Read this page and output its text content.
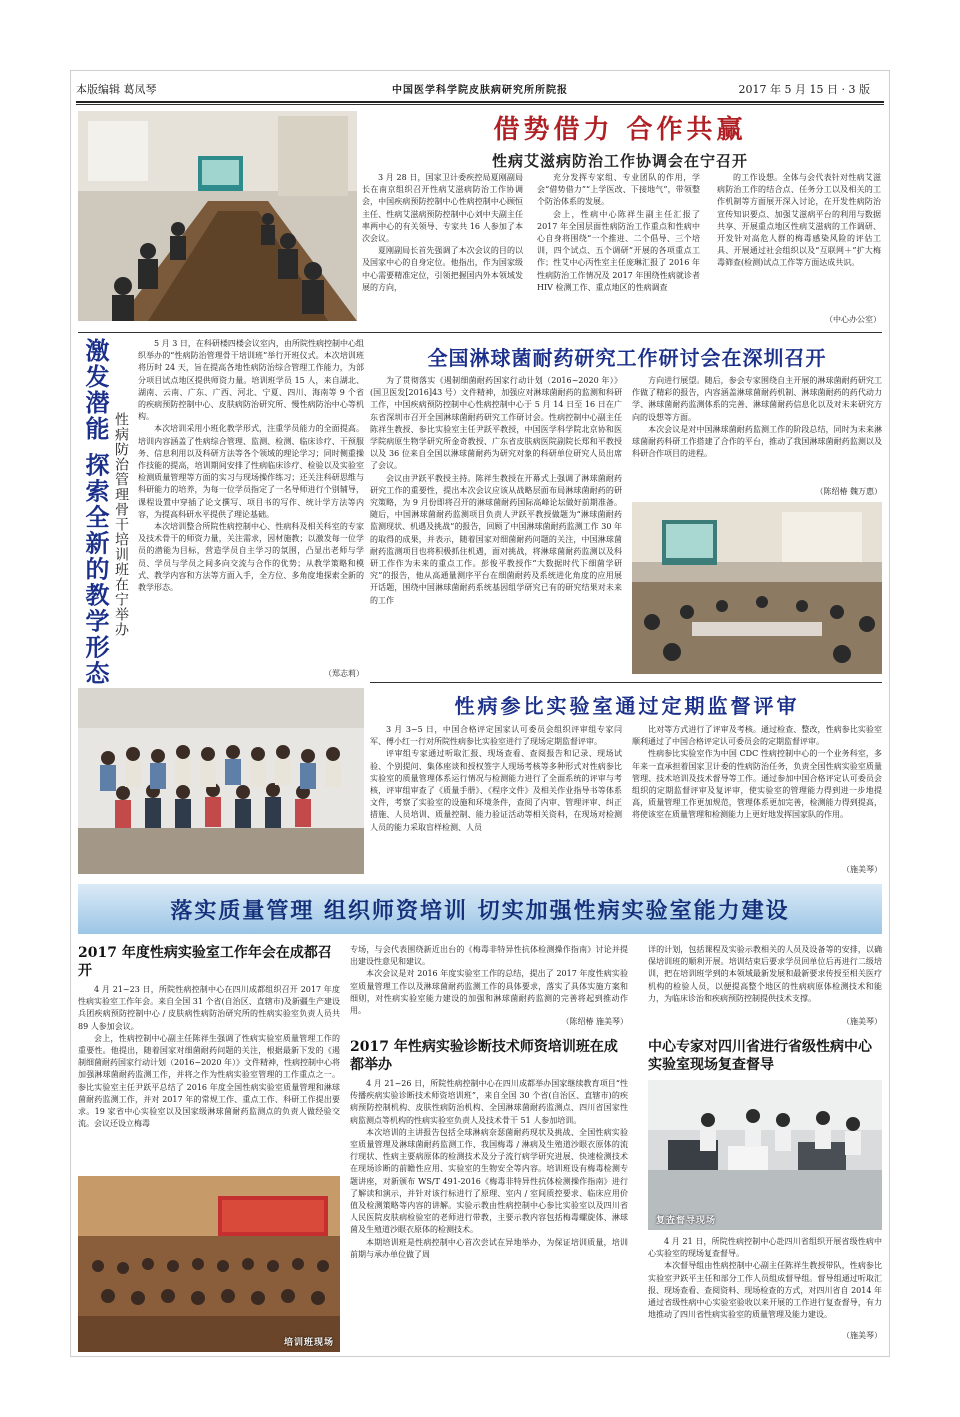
本版编辑 葛凤琴	中国医学科学院皮肤病研究所所院报	2017 年 5 月 15 日 · 3 版
借势借力 合作共赢
性病艾滋病防治工作协调会在宁召开

3 月 28 日，国家卫计委疾控局夏刚副局长在南京组织召开性病艾滋病防治工作协调会，中国疾病预防控制中心性病控制中心顾恒主任、性病艾滋病预防控制中心刘中夫副主任率两中心的有关领导、专家共 16 人参加了本次会议。

夏刚副局长首先强调了本次会议的目的以及国家中心的自身定位。他指出，作为国家级中心需要精准定位，引领把握国内外本领域发展的方向，

充分发挥专家组、专业团队的作用，学会“借势借力”“上学医改、下接地气”，带领整个防治体系的发展。

会上，性病中心陈祥生副主任汇报了 2017 年全国层面性病防治工作重点和性病中心自身将围绕“一个推进、二个倡导、三个培训，四个试点、五个调研”开展的各项重点工作；性艾中心丙性室主任庞琳汇报了 2016 年性病防治工作情况及 2017 年围绕性病就诊者 HIV 检测工作、重点地区的性病调查

的工作设想。全体与会代表针对性病艾滋病防治工作的结合点、任务分工以及相关的工作机制等方面展开深入讨论，在开发性病防治宣传知识要点、加强艾滋病平台的利用与数据共享、开展重点地区性病艾滋病的工作调研、开发针对高危人群的梅毒感染风险的评估工具、开展通过社会组织以及“互联网＋”扩大梅毒筛查(检测)试点工作等方面达成共识。

（中心办公室）
激发潜能 探索全新的教学形态 性病防治管理骨干培训班在宁举办

5 月 3 日，在科研楼四楼会议室内，由所院性病控制中心组织举办的“性病防治管理骨干培训班”举行开班仪式。本次培训班将历时 24 天，旨在提高各地性病防治综合管理工作能力，为部分项目试点地区提供师资力量。培训班学员 15 人，来自湖北、湖南、云南、广东、广西、河北、宁夏、四川、海南等 9 个省的疾病预防控制中心、皮肤病防治研究所、慢性病防治中心等机构。

本次培训采用小班化教学形式，注重学员能力的全面提高。培训内容涵盖了性病综合管理、监测、检测、临床诊疗、干预服务、信息利用以及科研方法等各个领域的理论学习；同时侧重操作技能的提高，培训期间安排了性病临床诊疗、检验以及实验室检测质量管理等方面的实习与现场操作练习；还关注科研思维与科研能力的培养，为每一位学员指定了一名导师进行个别辅导，课程设置中穿插了论文撰写、项目书的写作、统计学方法等内容，为提高科研水平提供了理论基础。

本次培训整合所院性病控制中心、性病科及相关科室的专家及技术骨干的师资力量，关注需求，因材施教；以激发每一位学员的潜能为目标，营造学员自主学习的氛围，凸显出老师与学员、学员与学员之间多向交流与合作的优势；从教学策略和模式、教学内容和方法等方面入手，全方位、多角度地探索全新的教学形态。

（郑志莉）
全国淋球菌耐药研究工作研讨会在深圳召开

为了贯彻落实《遏制细菌耐药国家行动计划（2016~2020 年）》(国卫医发[2016]43 号）文件精神，加强应对淋球菌耐药的监测和科研工作，中国疾病预防控制中心性病控制中心于 5 月 14 日至 16 日在广东省深圳市召开全国淋球菌耐药研究工作研讨会。性病控制中心副主任陈祥生教授、参比实验室主任尹跃平教授，中国医学科学院北京协和医学院病原生物学研究所金奇教授、广东省皮肤病医院副院长郑和平教授以及 36 位来自全国以淋球菌耐药为研究对象的科研单位研究人员出席了会议。

会议由尹跃平教授主持。陈祥生教授在开幕式上强调了淋球菌耐药研究工作的重要性，提出本次会议应该从战略层面布局淋球菌耐药的研究策略，为 9 月份即将召开的淋球菌耐药国际高峰论坛做好前期准备。随后，中国淋球菌耐药监测项目负责人尹跃平教授做题为“淋球菌耐药监测现状、机遇及挑战”的报告，回顾了中国淋球菌耐药监测工作 30 年的取得的成果，并表示，随着国家对细菌耐药问题的关注，中国淋球菌耐药监测项目也将积极抓住机遇，面对挑战，将淋球菌耐药监测以及科研工作作为未来的重点工作。彭俊平教授作“大数据时代下细菌学研究”的报告，他从高通量测序平台在细菌耐药及系统进化角度的应用展开话题，围绕中国淋球菌耐药系统基因组学研究已有的研究结果对未来的工作

方向进行展望。随后，参会专家围绕自主开展的淋球菌耐药研究工作做了精彩的报告，内容涵盖淋球菌耐药机制、淋球菌耐药的药代动力学、淋球菌耐药监测体系的完善、淋球菌耐药信息化以及对未来研究方向的设想等方面。

本次会议是对中国淋球菌耐药监测工作的阶段总结，同时为未来淋球菌耐药科研工作搭建了合作的平台，推动了我国淋球菌耐药监测以及科研合作项目的进程。

（陈绍椿 魏万惠）
性病参比实验室通过定期监督评审

3 月 3~5 日，中国合格评定国家认可委员会组织评审组专家闫军、傅小红一行对所院性病参比实验室进行了现场定期监督评审。

评审组专家通过听取汇报、现场查看、查阅报告和记录、现场试验、个别提问、集体座谈和授权签字人现场考核等多种形式对性病参比实验室的质量管理体系运行情况与检测能力进行了全面系统的评审与考核，评审组审查了《质量手册》、《程序文件》及相关作业指导书等体系文件，考察了实验室的设施和环境条件，查阅了内审、管理评审、纠正措施、人员培训、质量控制、能力验证活动等相关资料，在现场对检测人员的能力采取盲样检测、人员

比对等方式进行了评审及考核。通过检查、整改，性病参比实验室顺利通过了中国合格评定认可委员会的定期监督评审。

性病参比实验室作为中国 CDC 性病控制中心的一个业务科室，多年来一直承担着国家卫计委的性病防治任务，负责全国性病实验室质量管理、技术培训及技术督导等工作。通过参加中国合格评定认可委员会组织的定期监督评审及复评审，使实验室的管理能力得到进一步地提高，质量管理工作更加规范，管理体系更加完善，检测能力得到提高，将使该室在质量管理和检测能力上更好地发挥国家队的作用。

（施美琴）
落实质量管理 组织师资培训 切实加强性病实验室能力建设
2017 年度性病实验室工作年会在成都召开

4 月 21~23 日，所院性病控制中心在四川成都组织召开 2017 年度性病实验室工作年会。来自全国 31 个省(自治区、直辖市)及新疆生产建设兵团疾病预防控制中心 / 皮肤病性病防治研究所的性病实验室负责人员共 89 人参加会议。

会上，性病控制中心副主任陈祥生强调了性病实验室质量管理工作的重要性。他提出，随着国家对细菌耐药问题的关注，根据最新下发的《遏制细菌耐药国家行动计划（2016~2020 年）》文件精神，性病控制中心将加强淋球菌耐药监测工作，并将之作为性病实验室管理的工作重点之一。参比实验室主任尹跃平总结了 2016 年度全国性病实验室质量管理和淋球菌耐药监测工作，并对 2017 年的常规工作、重点工作、科研工作提出要求。19 家省中心实验室以及国家级淋球菌耐药监测点的负责人做经验交流。会议还设立梅毒

专场，与会代表围绕新近出台的《梅毒非特异性抗体检测操作指南》讨论并提出建设性意见和建议。

本次会议是对 2016 年度实验室工作的总结，提出了 2017 年度性病实验室质量管理工作以及淋球菌耐药监测工作的具体要求，落实了具体实施方案和细则，对性病实验室能力建设的加强和淋球菌耐药监测的完善将起到推动作用。

（陈绍椿 施美琴）
培训班现场
2017 年性病实验诊断技术师资培训班在成都举办

4 月 21~26 日，所院性病控制中心在四川成都举办国家继续教育项目“性传播疾病实验诊断技术师资培训班”，来自全国 30 个省(自治区、直辖市)的疾病预防控制机构、皮肤性病防治机构、全国淋球菌耐药监测点、四川省国家性病监测点等机构的性病实验室负责人及技术骨干 51 人参加培训。

本次培训的主讲报告包括全球淋病奈瑟菌耐药现状及挑战、全国性病实验室质量管理及淋球菌耐药监测工作、我国梅毒 / 淋病及生殖道沙眼衣原体的流行现状、性病主要病原体的检测技术及分子流行病学研究进展、快速检测技术在现场诊断的前瞻性应用、实验室的生物安全等内容。培训班设有梅毒检测专题讲座，对新颁布 WS/T 491-2016《梅毒非特异性抗体检测操作指南》进行了解读和演示，并针对该行标进行了原理、室内 / 室间质控要求、临床应用价值及检测策略等内容的讲解。实验示教由性病控制中心参比实验室以及四川省人民医院皮肤病检验室的老师进行带教，主要示教内容包括梅毒螺旋体、淋球菌及生殖道沙眼衣原体的检测技术。

本期培训班是性病控制中心首次尝试在异地举办，为保证培训质量，培训前期与承办单位做了周

详的计划，包括课程及实验示教相关的人员及设备等的安排，以确保培训班的顺利开展。培训结束后要求学员回单位后再进行二级培训，把在培训班学到的本领域最新发展和最新要求传授至相关医疗机构的检验人员，以便提高整个地区的性病病原体检测技术和能力，为临床诊治和疾病预防控制提供技术支撑。

（施美琴）
中心专家对四川省进行省级性病中心实验室现场复查督导
复查督导现场

4 月 21 日，所院性病控制中心赴四川省组织开展省级性病中心实验室的现场复查督导。

本次督导组由性病控制中心副主任陈祥生教授带队，性病参比实验室尹跃平主任和部分工作人员组成督导组。督导组通过听取汇报、现场查看、查阅资料、现场检查的方式，对四川省自 2014 年通过省级性病中心实验室验收以来开展的工作进行复查督导，有力地推动了四川省性病实验室的质量管理及能力建设。

（施美琴）
